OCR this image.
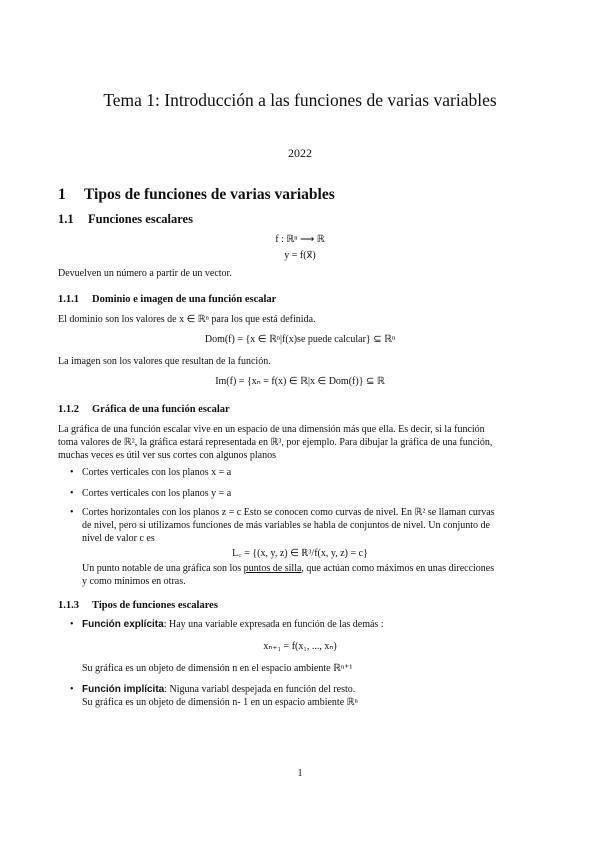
Tema 1: Introducción a las funciones de varias variables
2022
1 Tipos de funciones de varias variables
1.1 Funciones escalares
f : ℝⁿ ⟶ ℝ
y = f(x⃗)
Devuelven un número a partir de un vector.
1.1.1 Dominio e imagen de una función escalar
El dominio son los valores de x ∈ ℝⁿ para los que está definida.
Dom(f) = {x ∈ ℝⁿ|f(x)se puede calcular} ⊆ ℝⁿ
La imagen son los valores que resultan de la función.
Im(f) = {xₙ = f(x) ∈ ℝ|x ∈ Dom(f)} ⊆ ℝ
1.1.2 Gráfica de una función escalar
La gráfica de una función escalar vive en un espacio de una dimensión más que ella. Es decir, si la función
toma valores de ℝ², la gráfica estará representada en ℝ³, por ejemplo. Para dibujar la gráfica de una función,
muchas veces es útil ver sus cortes con algunos planos
• Cortes verticales con los planos x = a
• Cortes verticales con los planos y = a
• Cortes horizontales con los planos z = c Esto se conocen como curvas de nivel. En ℝ² se llaman curvas
de nivel, pero si utilizamos funciones de más variables se habla de conjuntos de nivel. Un conjunto de
nivel de valor c es
L꜀ = {(x, y, z) ∈ ℝ³/f(x, y, z) = c}
Un punto notable de una gráfica son los puntos de silla, que actúan como máximos en unas direcciones
y como mínimos en otras.
1.1.3 Tipos de funciones escalares
• Función explícita: Hay una variable expresada en función de las demás :
xₙ₊₁ = f(x₁, ..., xₙ)
Su gráfica es un objeto de dimensión n en el espacio ambiente ℝⁿ⁺¹
• Función implícita: Niguna variabl despejada en función del resto.
Su gráfica es un objeto de dimensión n- 1 en un espacio ambiente ℝⁿ
1
